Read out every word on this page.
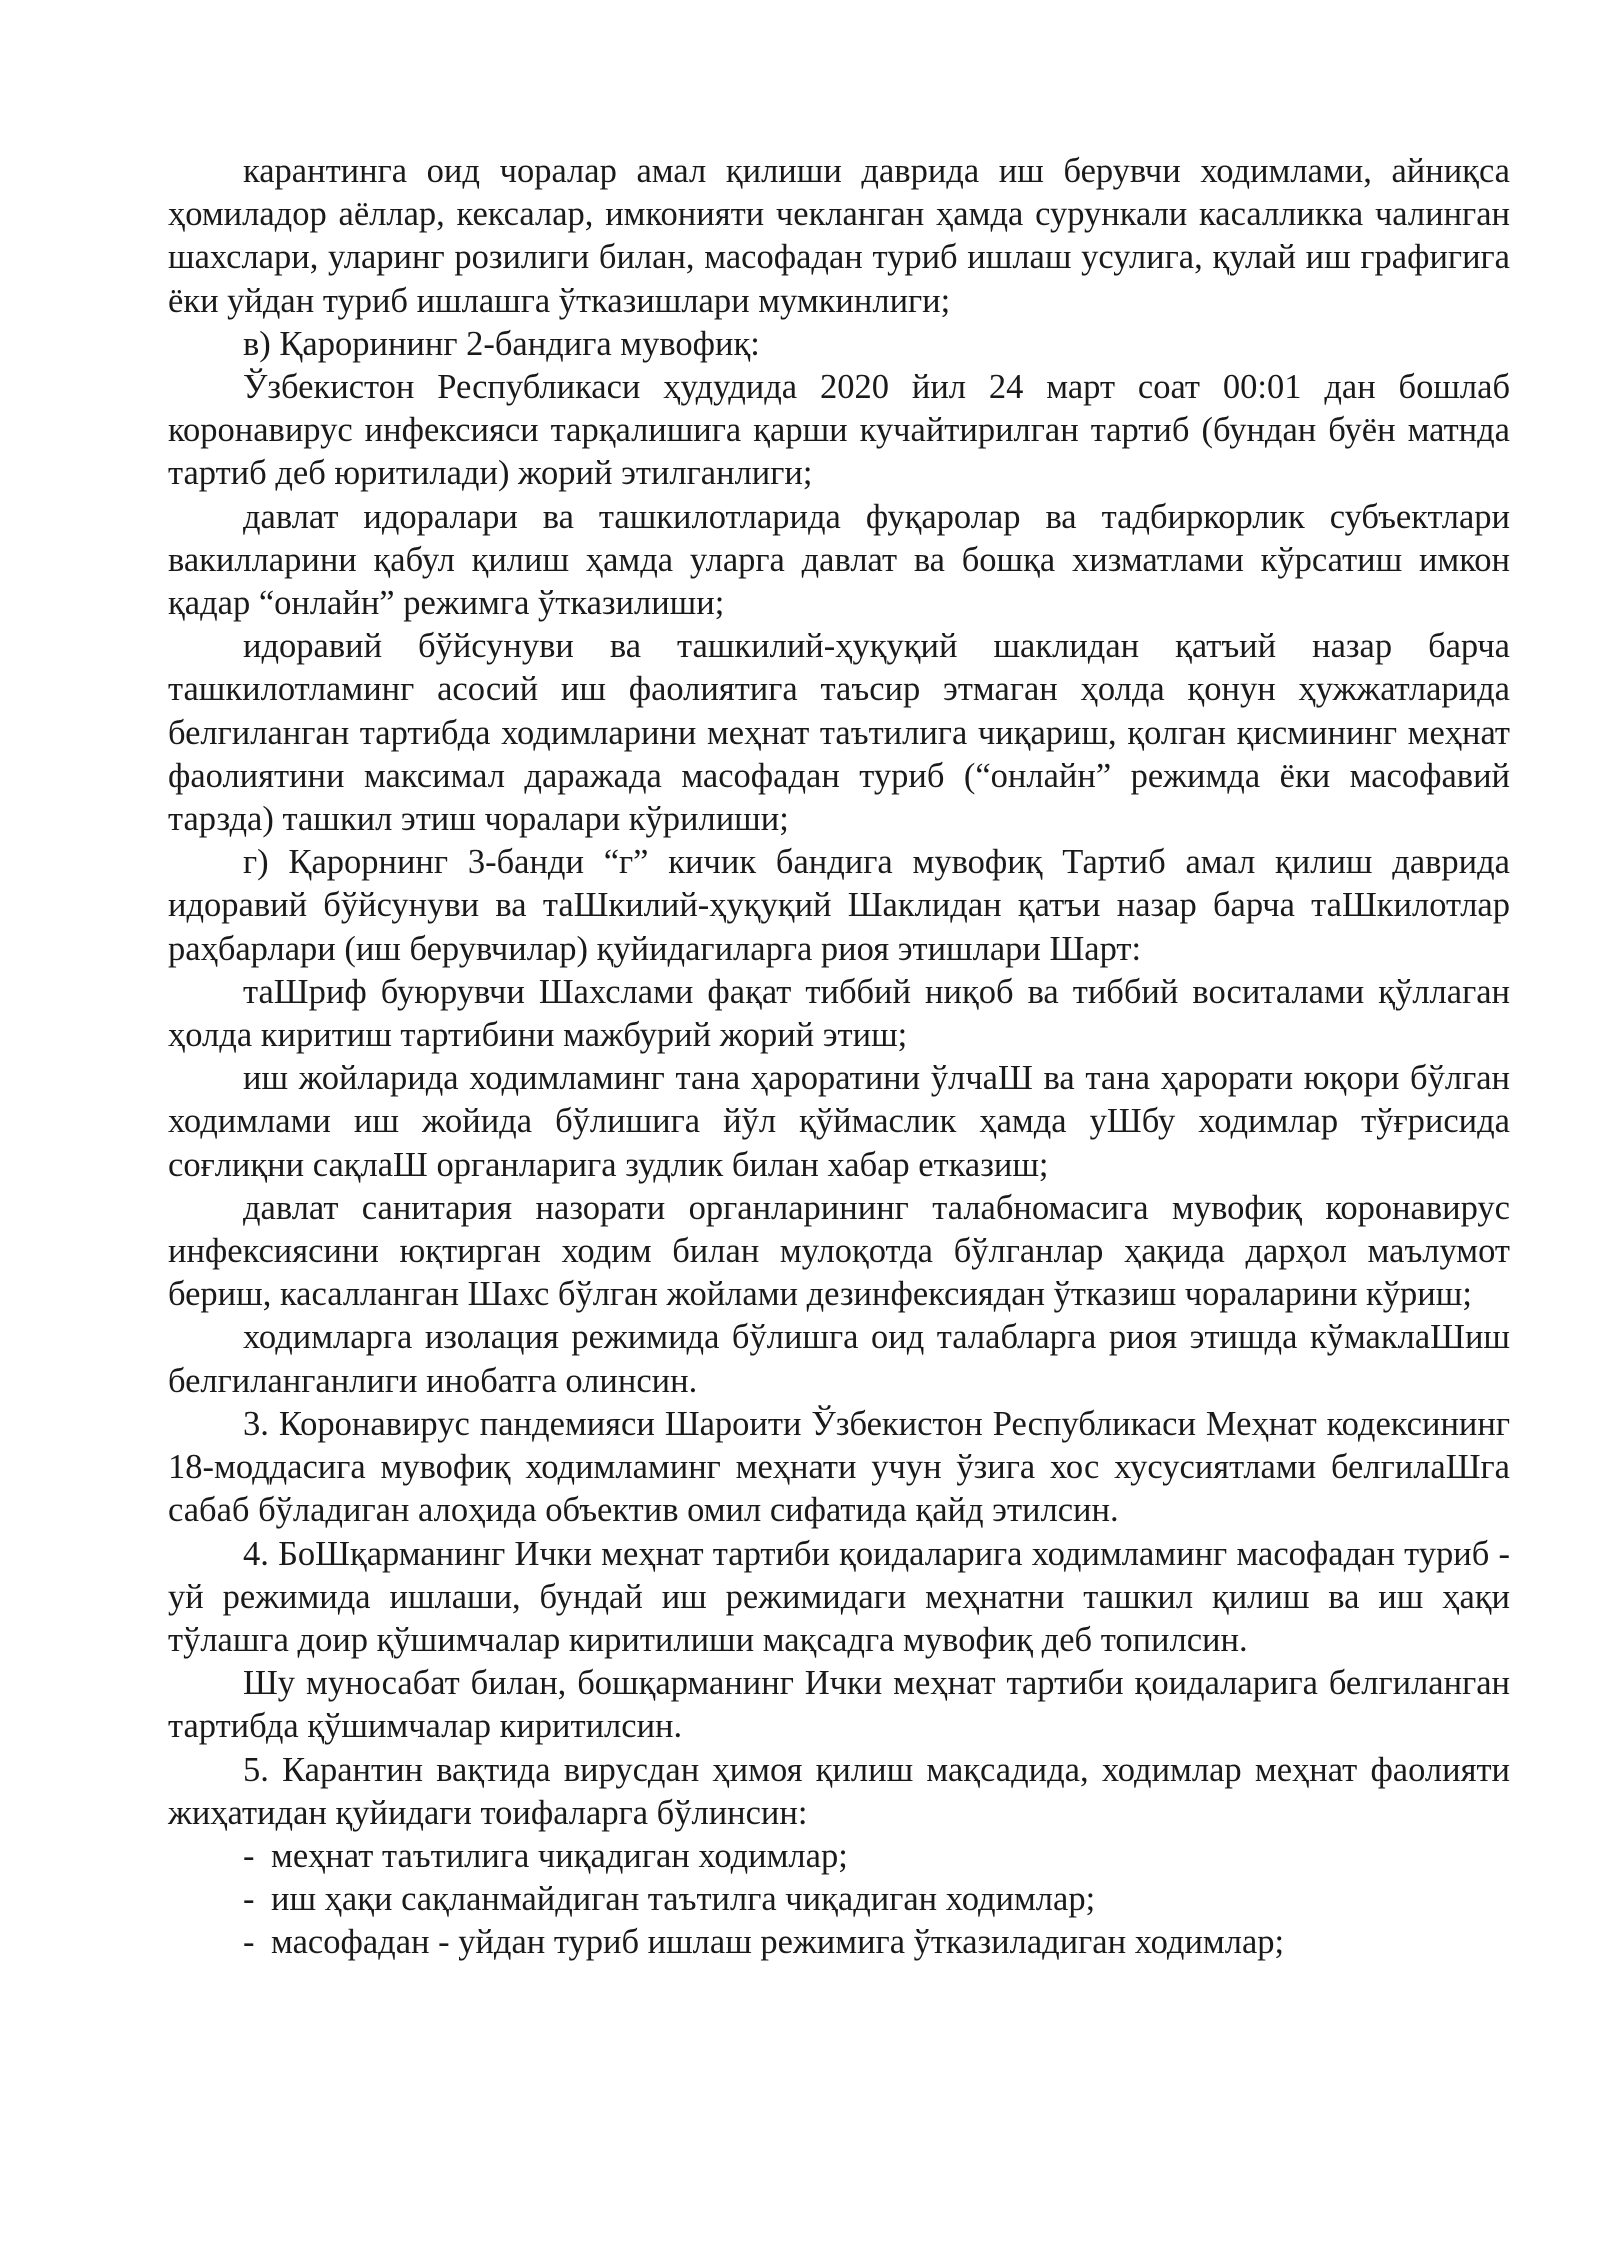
карантинга оид чоралар амал қилиши даврида иш берувчи ходимлами, айниқса ҳомиладор аёллар, кексалар, имконияти чекланган ҳамда сурункали касалликка чалинган шахслари, уларинг розилиги билан, масофадан туриб ишлаш усулига, қулай иш графигига ёки уйдан туриб ишлашга ўтказишлари мумкинлиги;

в) Қарорининг 2-бандига мувофиқ:

Ўзбекистон Республикаси ҳудудида 2020 йил 24 март соат 00:01 дан бошлаб коронавирус инфексияси тарқалишига қарши кучайтирилган тартиб (бундан буён матнда тартиб деб юритилади) жорий этилганлиги;

давлат идоралари ва ташкилотларида фуқаролар ва тадбиркорлик субъектлари вакилларини қабул қилиш ҳамда уларга давлат ва бошқа хизматлами кўрсатиш имкон қадар “онлайн” режимга ўтказилиши;

идоравий бўйсунуви ва ташкилий-ҳуқуқий шаклидан қатъий назар барча ташкилотламинг асосий иш фаолиятига таъсир этмаган ҳолда қонун ҳужжатларида белгиланган тартибда ходимларини меҳнат таътилига чиқариш, қолган қисмининг меҳнат фаолиятини максимал даражада масофадан туриб (“онлайн” режимда ёки масофавий тарзда) ташкил этиш чоралари кўрилиши;

г) Қарорнинг 3-банди “г” кичик бандига мувофиқ Тартиб амал қилиш даврида идоравий бўйсунуви ва таШкилий-ҳуқуқий Шаклидан қатъи назар барча таШкилотлар раҳбарлари (иш берувчилар) қуйидагиларга риоя этишлари Шарт:

таШриф буюрувчи Шахслами фақат тиббий ниқоб ва тиббий воситалами қўллаган ҳолда киритиш тартибини мажбурий жорий этиш;

иш жойларида ходимламинг тана ҳароратини ўлчаШ ва тана ҳарорати юқори бўлган ходимлами иш жойида бўлишига йўл қўймаслик ҳамда уШбу ходимлар тўғрисида соғлиқни сақлаШ органларига зудлик билан хабар етказиш;

давлат санитария назорати органларининг талабномасига мувофиқ коронавирус инфексиясини юқтирган ходим билан мулоқотда бўлганлар ҳақида дарҳол маълумот бериш, касалланган Шахс бўлган жойлами дезинфексиядан ўтказиш чораларини кўриш;

ходимларга изолация режимида бўлишга оид талабларга риоя этишда кўмаклаШиш белгиланганлиги инобатга олинсин.

3. Коронавирус пандемияси Шароити Ўзбекистон Республикаси Меҳнат кодексининг 18-моддасига мувофиқ ходимламинг меҳнати учун ўзига хос хусусиятлами белгилаШга сабаб бўладиган алоҳида объектив омил сифатида қайд этилсин.

4. БоШқарманинг Ички меҳнат тартиби қоидаларига ходимламинг масофадан туриб - уй режимида ишлаши, бундай иш режимидаги меҳнатни ташкил қилиш ва иш ҳақи тўлашга доир қўшимчалар киритилиши мақсадга мувофиқ деб топилсин.

Шу муносабат билан, бошқарманинг Ички меҳнат тартиби қоидаларига белгиланган тартибда қўшимчалар киритилсин.

5. Карантин вақтида вирусдан ҳимоя қилиш мақсадида, ходимлар меҳнат фаолияти жиҳатидан қуйидаги тоифаларга бўлинсин:

- меҳнат таътилига чиқадиган ходимлар;

- иш ҳақи сақланмайдиган таътилга чиқадиган ходимлар;

- масофадан - уйдан туриб ишлаш режимига ўтказиладиган ходимлар;
